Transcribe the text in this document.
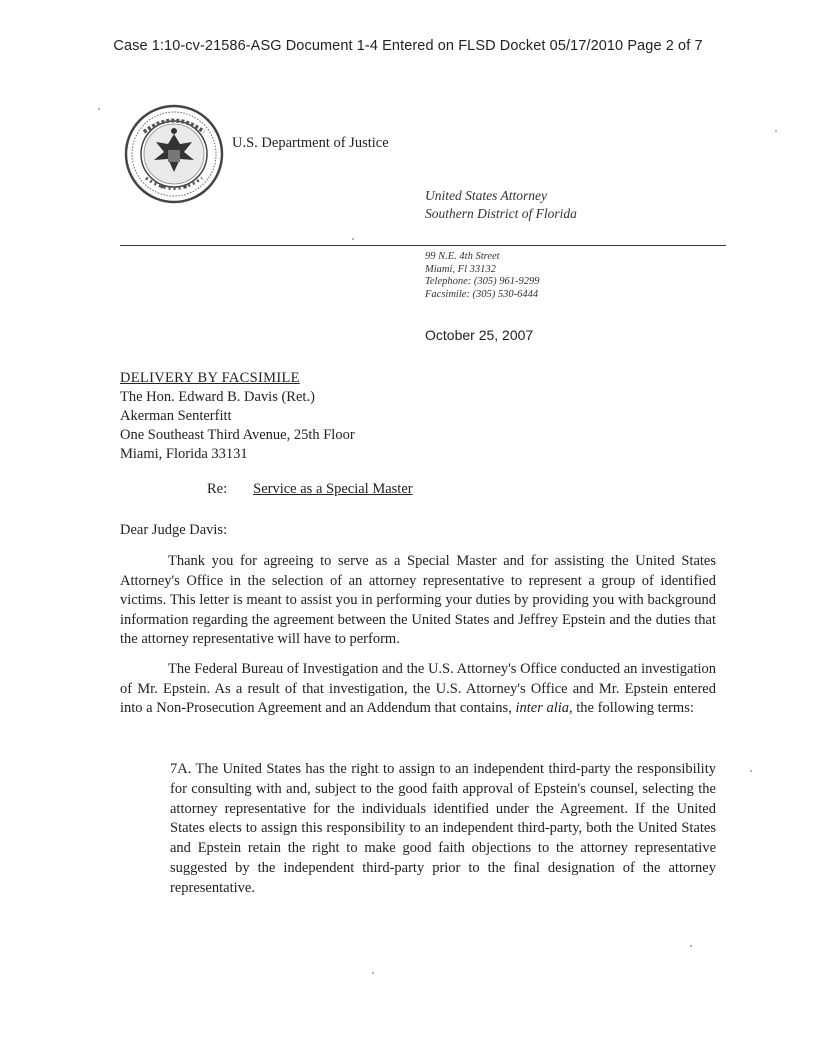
Case 1:10-cv-21586-ASG Document 1-4 Entered on FLSD Docket 05/17/2010 Page 2 of 7
★ ★
U.S. Department of Justice
United States Attorney
Southern District of Florida
99 N.E. 4th Street
Miami, Fl 33132
Telephone: (305) 961-9299
Facsimile: (305) 530-6444
October 25, 2007
DELIVERY BY FACSIMILE
The Hon. Edward B. Davis (Ret.)
Akerman Senterfitt
One Southeast Third Avenue, 25th Floor
Miami, Florida 33131
Re: Service as a Special Master
Dear Judge Davis:

Thank you for agreeing to serve as a Special Master and for assisting the United States Attorney's Office in the selection of an attorney representative to represent a group of identified victims. This letter is meant to assist you in performing your duties by providing you with background information regarding the agreement between the United States and Jeffrey Epstein and the duties that the attorney representative will have to perform.

The Federal Bureau of Investigation and the U.S. Attorney's Office conducted an investigation of Mr. Epstein. As a result of that investigation, the U.S. Attorney's Office and Mr. Epstein entered into a Non-Prosecution Agreement and an Addendum that contains, inter alia, the following terms:

7A. The United States has the right to assign to an independent third-party the responsibility for consulting with and, subject to the good faith approval of Epstein's counsel, selecting the attorney representative for the individuals identified under the Agreement. If the United States elects to assign this responsibility to an independent third-party, both the United States and Epstein retain the right to make good faith objections to the attorney representative suggested by the independent third-party prior to the final designation of the attorney representative.
